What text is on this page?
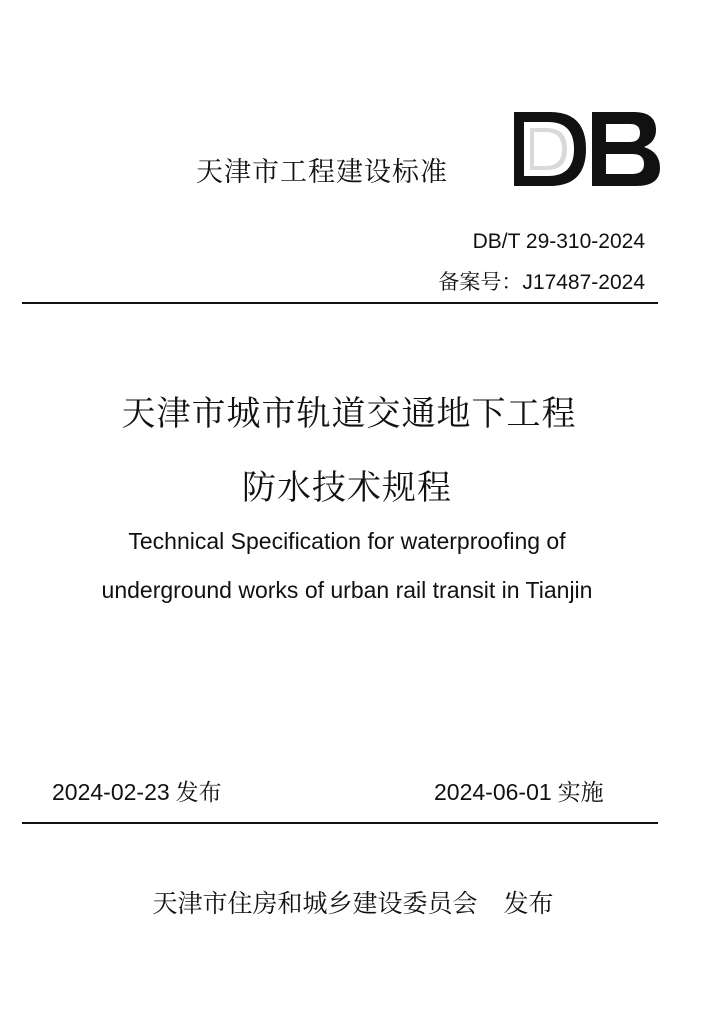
天津市工程建设标准
DB/T 29-310-2024
备案号：J17487-2024
天津市城市轨道交通地下工程
防水技术规程
Technical Specification for waterproofing of
underground works of urban rail transit in Tianjin
2024-02-23 发布	2024-06-01 实施
天津市住房和城乡建设委员会 发布
